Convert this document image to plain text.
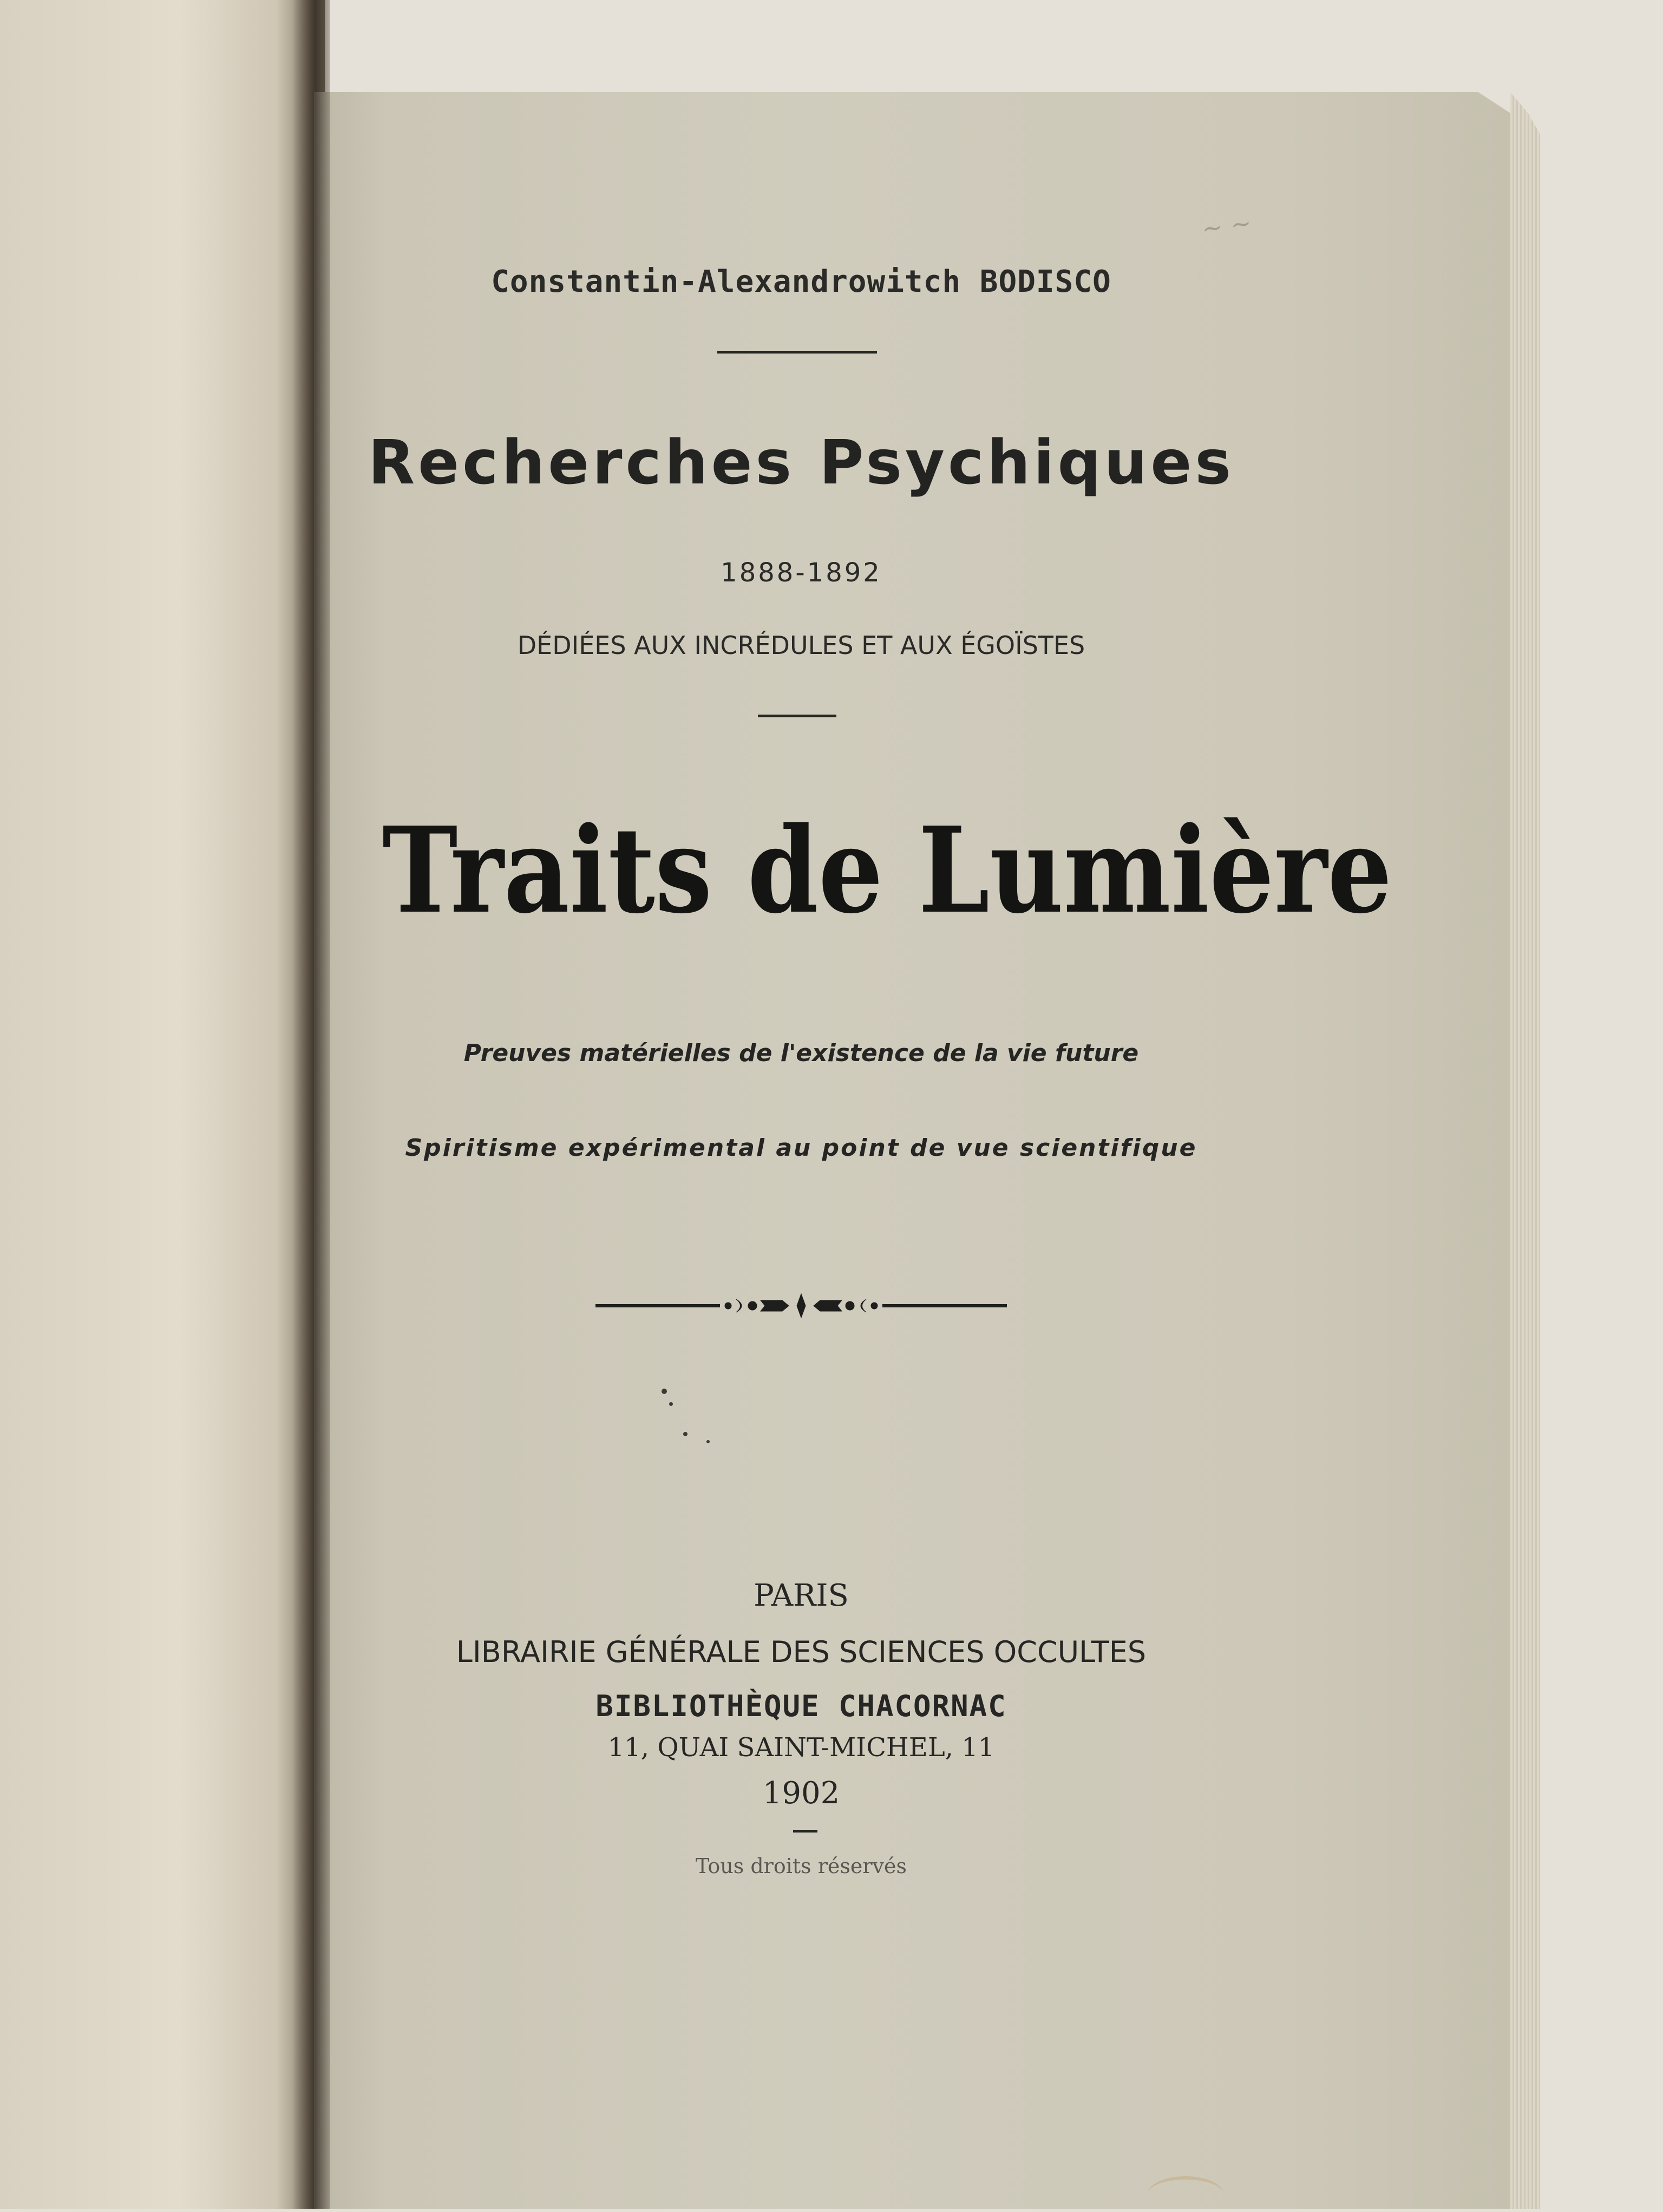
~ ~
Constantin-Alexandrowitch BODISCO
Recherches Psychiques
1888-1892
DÉDIÉES AUX INCRÉDULES ET AUX ÉGOÏSTES
Traits de Lumière
Preuves matérielles de l'existence de la vie future
Spiritisme expérimental au point de vue scientifique
PARIS
LIBRAIRIE GÉNÉRALE DES SCIENCES OCCULTES
BIBLIOTHÈQUE CHACORNAC
11, QUAI SAINT-MICHEL, 11
1902
Tous droits réservés
